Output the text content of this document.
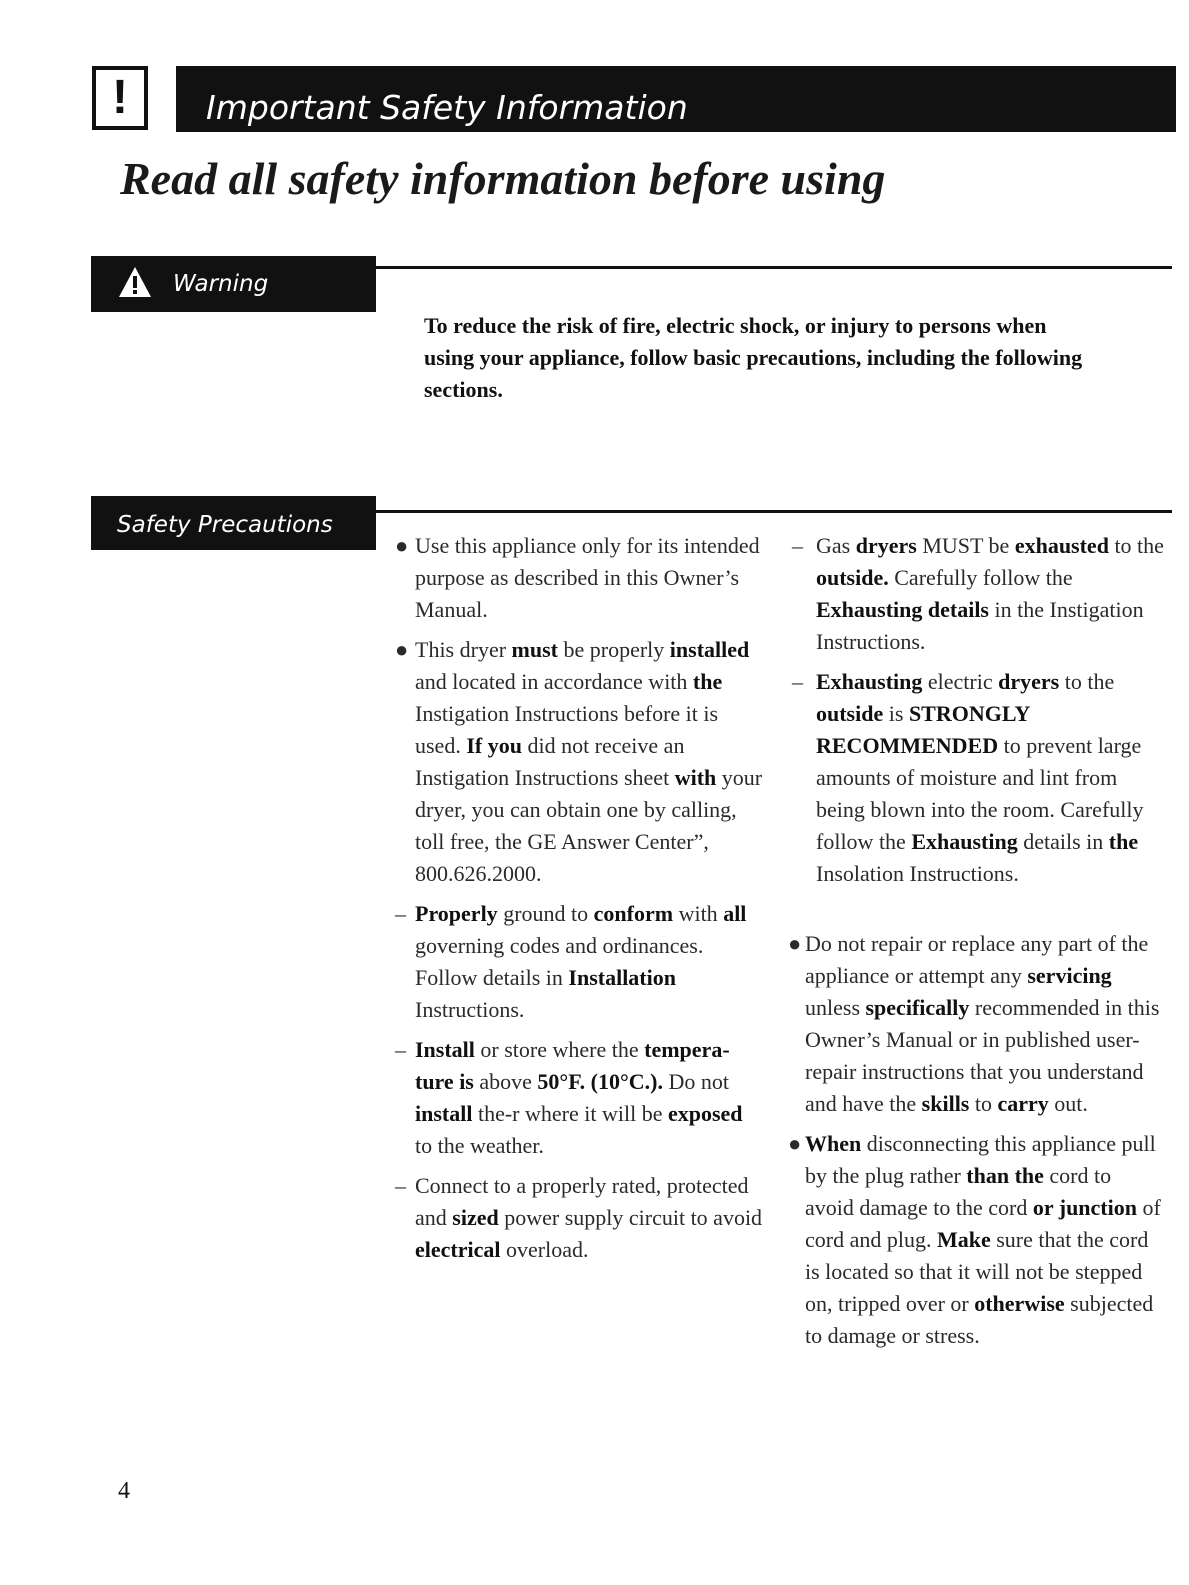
!	Important Safety Information
Read all safety information before using
Warning
To reduce the risk of fire, electric shock, or injury to persons when using your appliance, follow basic precautions, including the following sections.
Safety Precautions
● Use this appliance only for its intended purpose as described in this Owner’s Manual.
● This dryer must be properly installed and located in accordance with the Instigation Instructions before it is used. If you did not receive an Instigation Instructions sheet with your dryer, you can obtain one by calling, toll free, the GE Answer Center”, 800.626.2000.
– Properly ground to conform with all governing codes and ordinances. Follow details in Installation Instructions.
– Install or store where the tempera-ture is above 50°F. (10°C.). Do not install the-r where it will be exposed to the weather.
– Connect to a properly rated, protected and sized power supply circuit to avoid electrical overload.
– Gas dryers MUST be exhausted to the outside. Carefully follow the Exhausting details in the Instigation Instructions.
– Exhausting electric dryers to the outside is STRONGLY RECOMMENDED to prevent large amounts of moisture and lint from being blown into the room. Carefully follow the Exhausting details in the Insolation Instructions.
● Do not repair or replace any part of the appliance or attempt any servicing unless specifically recommended in this Owner’s Manual or in published user-repair instructions that you understand and have the skills to carry out.
● When disconnecting this appliance pull by the plug rather than the cord to avoid damage to the cord or junction of cord and plug. Make sure that the cord is located so that it will not be stepped on, tripped over or otherwise subjected to damage or stress.
4
